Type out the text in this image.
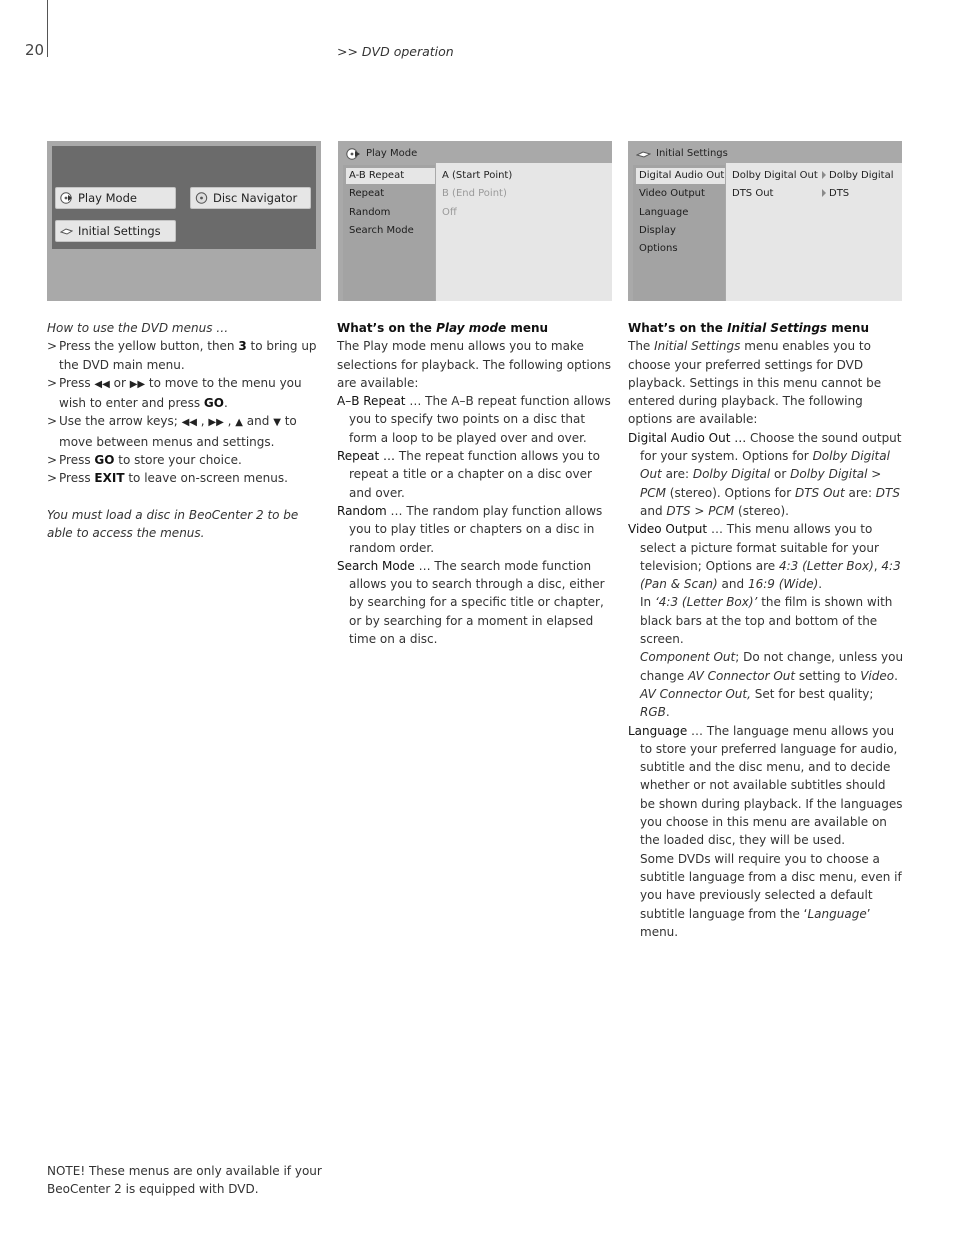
20	>> DVD operation
Play Mode	Disc Navigator
Initial Settings
Play Mode
A-B Repeat
Repeat
Random
Search Mode
A (Start Point)
B (End Point)
Off
Initial Settings
Digital Audio Out
Video Output
Language
Display
Options
Dolby Digital Out
DTS Out
Dolby Digital
DTS

How to use the DVD menus …

> Press the yellow button, then 3 to bring up the DVD main menu.

> Press ◀◀ or ▶▶ to move to the menu you wish to enter and press GO.

> Use the arrow keys; ◀◀ , ▶▶ , ▲ and ▼ to move between menus and settings.

> Press GO to store your choice.

> Press EXIT to leave on-screen menus.

You must load a disc in BeoCenter 2 to be able to access the menus.

What’s on the Play mode menu

The Play mode menu allows you to make selections for playback. The following options are available:

A–B Repeat … The A–B repeat function allows you to specify two points on a disc that form a loop to be played over and over.

Repeat … The repeat function allows you to repeat a title or a chapter on a disc over and over.

Random … The random play function allows you to play titles or chapters on a disc in random order.

Search Mode … The search mode function allows you to search through a disc, either by searching for a specific title or chapter, or by searching for a moment in elapsed time on a disc.

What’s on the Initial Settings menu

The Initial Settings menu enables you to choose your preferred settings for DVD playback. Settings in this menu cannot be entered during playback. The following options are available:

Digital Audio Out … Choose the sound output for your system. Options for Dolby Digital Out are: Dolby Digital or Dolby Digital > PCM (stereo). Options for DTS Out are: DTS and DTS > PCM (stereo).

Video Output … This menu allows you to select a picture format suitable for your television; Options are 4:3 (Letter Box), 4:3 (Pan & Scan) and 16:9 (Wide).

In ‘4:3 (Letter Box)’ the film is shown with black bars at the top and bottom of the screen.

Component Out; Do not change, unless you change AV Connector Out setting to Video.

AV Connector Out, Set for best quality; RGB.

Language … The language menu allows you to store your preferred language for audio, subtitle and the disc menu, and to decide whether or not available subtitles should be shown during playback. If the languages you choose in this menu are available on the loaded disc, they will be used.

Some DVDs will require you to choose a subtitle language from a disc menu, even if you have previously selected a default subtitle language from the ‘Language’ menu.

NOTE! These menus are only available if your BeoCenter 2 is equipped with DVD.
